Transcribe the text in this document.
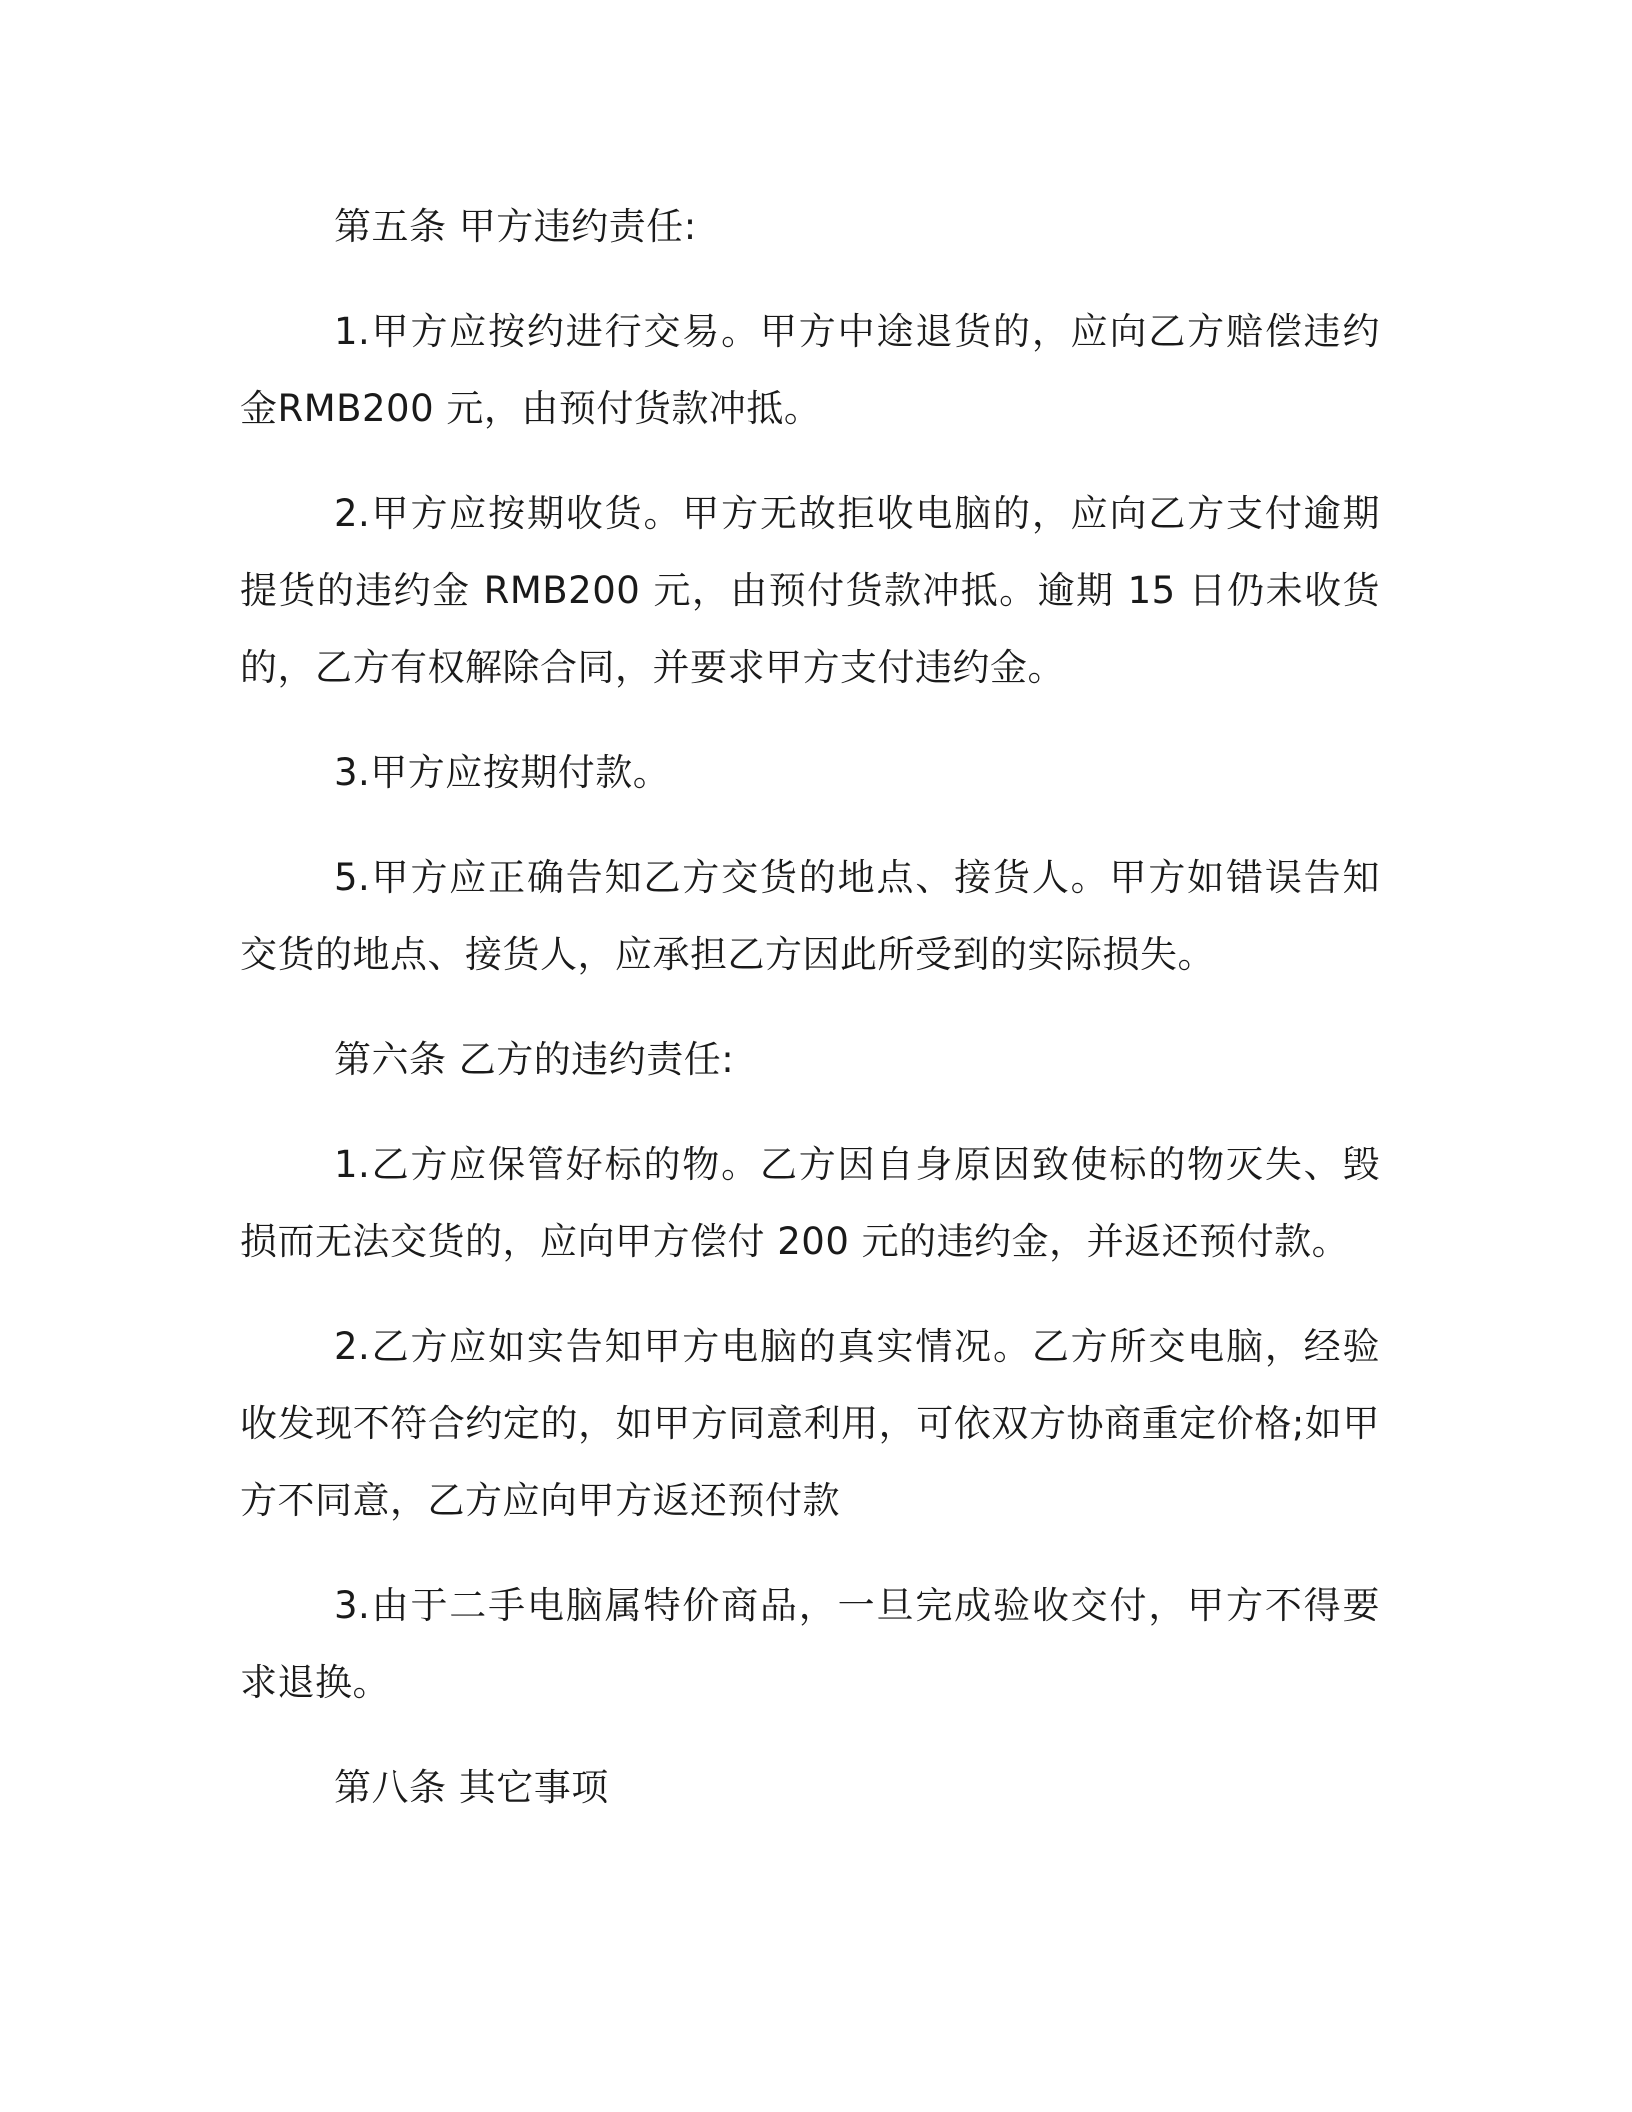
第五条 甲方违约责任:

1.甲方应按约进行交易。甲方中途退货的，应向乙方赔偿违约金RMB200 元，由预付货款冲抵。

2.甲方应按期收货。甲方无故拒收电脑的，应向乙方支付逾期提货的违约金 RMB200 元，由预付货款冲抵。逾期 15 日仍未收货的，乙方有权解除合同，并要求甲方支付违约金。

3.甲方应按期付款。

5.甲方应正确告知乙方交货的地点、接货人。甲方如错误告知交货的地点、接货人，应承担乙方因此所受到的实际损失。

第六条 乙方的违约责任:

1.乙方应保管好标的物。乙方因自身原因致使标的物灭失、毁损而无法交货的，应向甲方偿付 200 元的违约金，并返还预付款。

2.乙方应如实告知甲方电脑的真实情况。乙方所交电脑，经验收发现不符合约定的，如甲方同意利用，可依双方协商重定价格;如甲方不同意，乙方应向甲方返还预付款

3.由于二手电脑属特价商品，一旦完成验收交付，甲方不得要求退换。

第八条 其它事项
